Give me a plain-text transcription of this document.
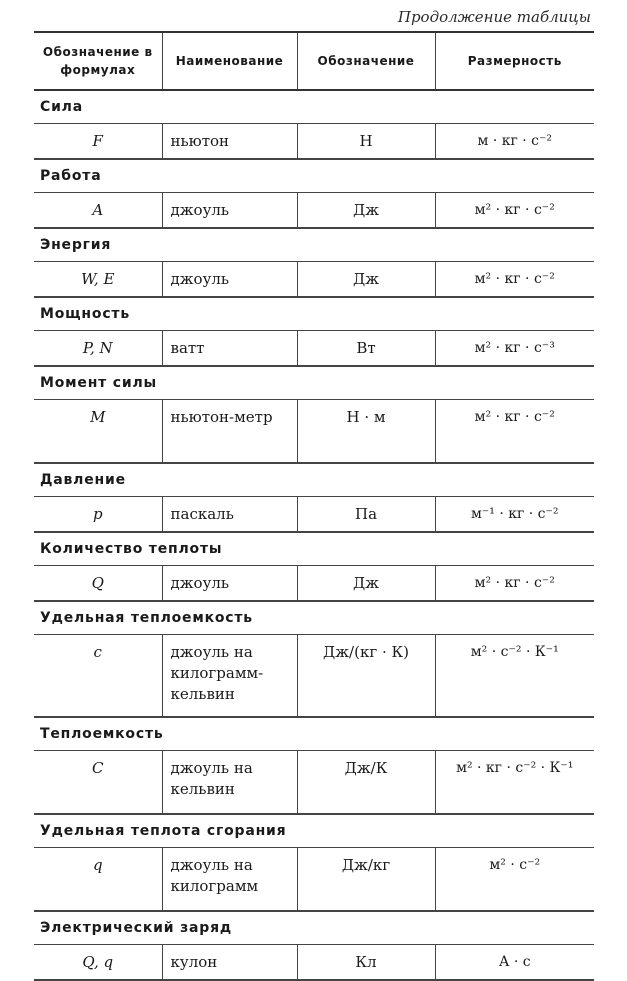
Продолжение таблицы
Обозначение в формулах	Наименование	Обозначение	Размерность
Сила			
F	ньютон	Н	м · кг · с⁻²
Работа			
A	джоуль	Дж	м² · кг · с⁻²
Энергия			
W, E	джоуль	Дж	м² · кг · с⁻²
Мощность			
P, N	ватт	Вт	м² · кг · с⁻³
Момент силы			
M	ньютон-метр	Н · м	м² · кг · с⁻²
Давление			
p	паскаль	Па	м⁻¹ · кг · с⁻²
Количество теплоты			
Q	джоуль	Дж	м² · кг · с⁻²
Удельная теплоемкость			
c	джоуль на килограмм-кельвин	Дж/(кг · К)	м² · с⁻² · К⁻¹
Теплоемкость			
C	джоуль на кельвин	Дж/К	м² · кг · с⁻² · К⁻¹
Удельная теплота сгорания			
q	джоуль на килограмм	Дж/кг	м² · с⁻²
Электрический заряд			
Q, q	кулон	Кл	А · с
